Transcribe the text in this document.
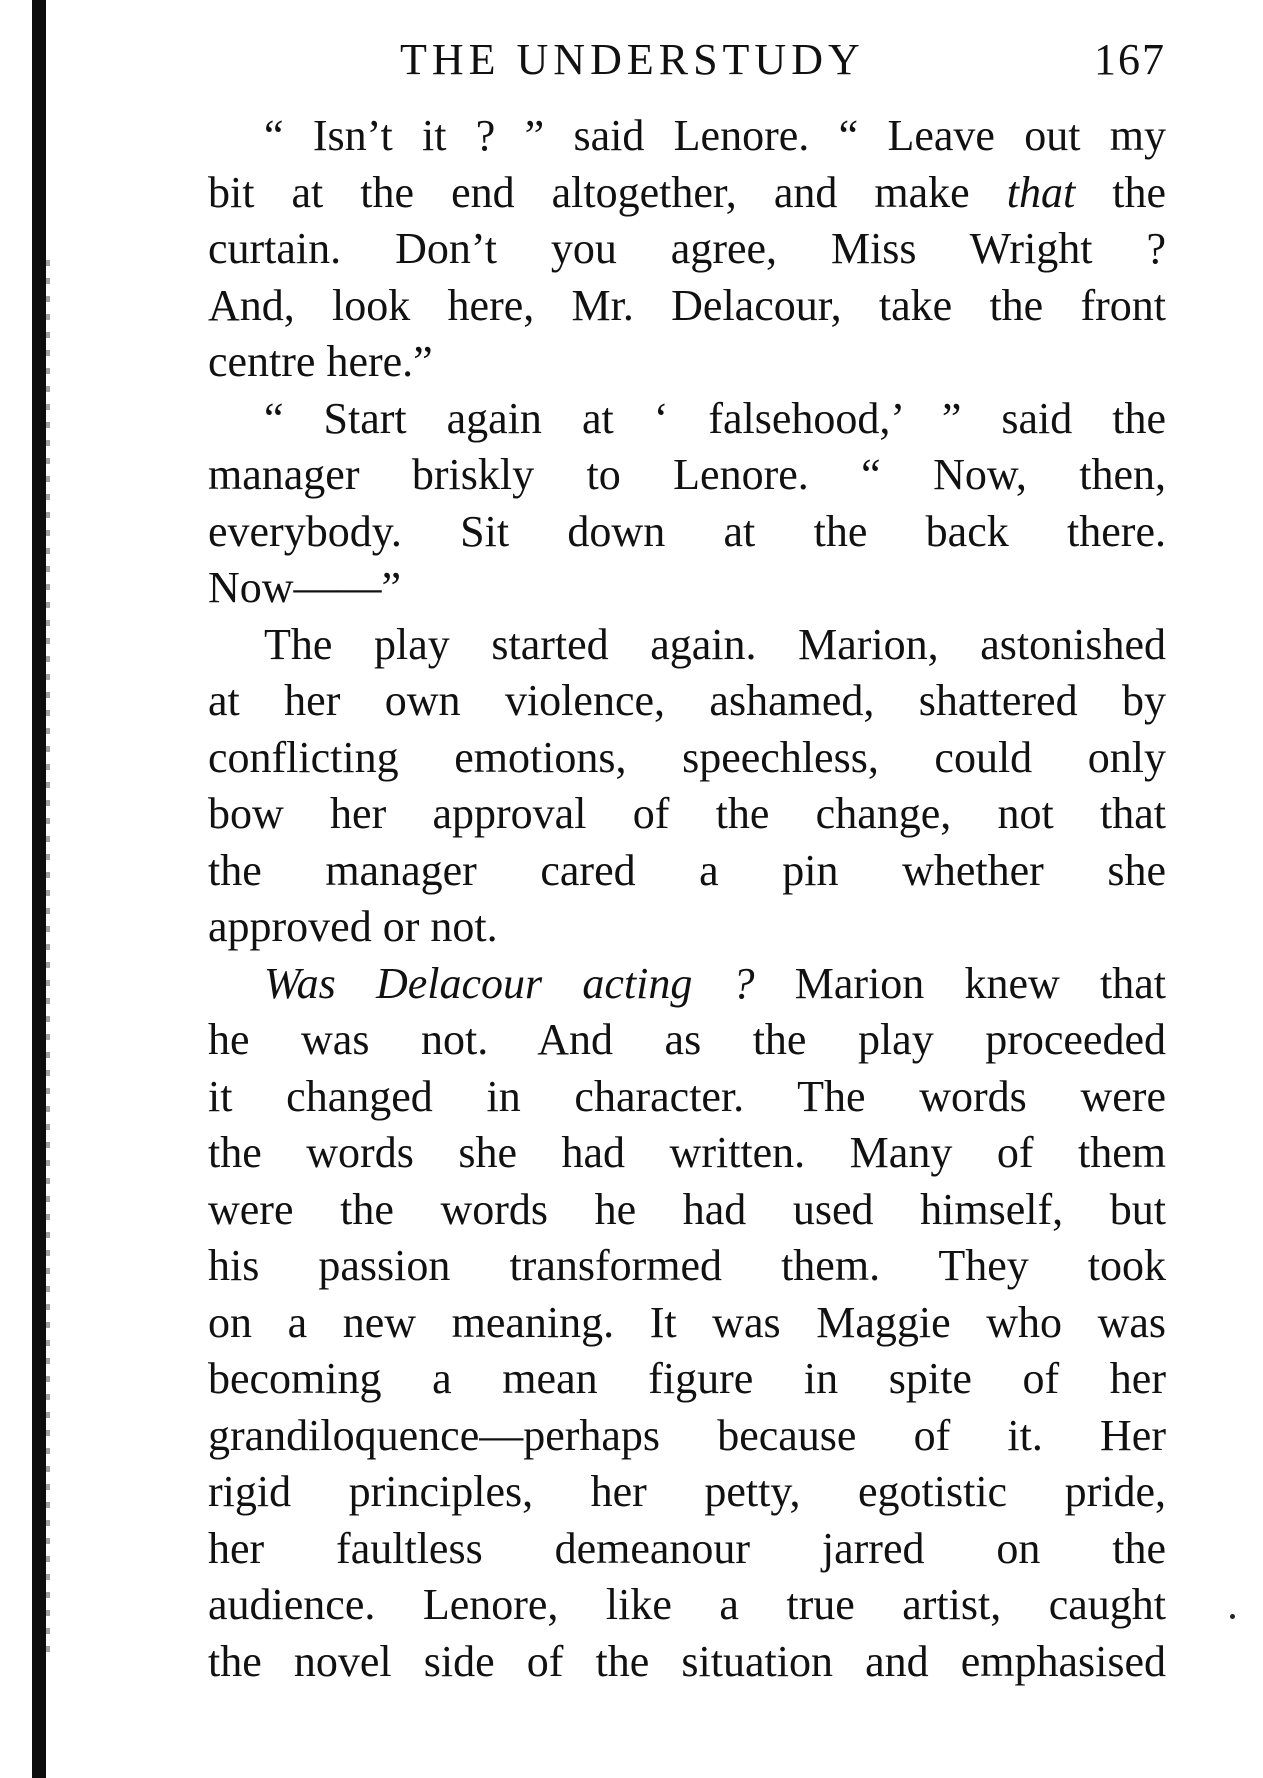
THE UNDERSTUDY	167
“ Isn’t it ? ” said Lenore. “ Leave out my
bit at the end altogether, and make that the
curtain. Don’t you agree, Miss Wright ?
And, look here, Mr. Delacour, take the front
centre here.”
“ Start again at ‘ falsehood,’ ” said the
manager briskly to Lenore. “ Now, then,
everybody. Sit down at the back there.
Now——”
The play started again. Marion, astonished
at her own violence, ashamed, shattered by
conflicting emotions, speechless, could only
bow her approval of the change, not that
the manager cared a pin whether she
approved or not.
Was Delacour acting ? Marion knew that
he was not. And as the play proceeded
it changed in character. The words were
the words she had written. Many of them
were the words he had used himself, but
his passion transformed them. They took
on a new meaning. It was Maggie who was
becoming a mean figure in spite of her
grandiloquence—perhaps because of it. Her
rigid principles, her petty, egotistic pride,
her faultless demeanour jarred on the
audience. Lenore, like a true artist, caught
the novel side of the situation and emphasised
